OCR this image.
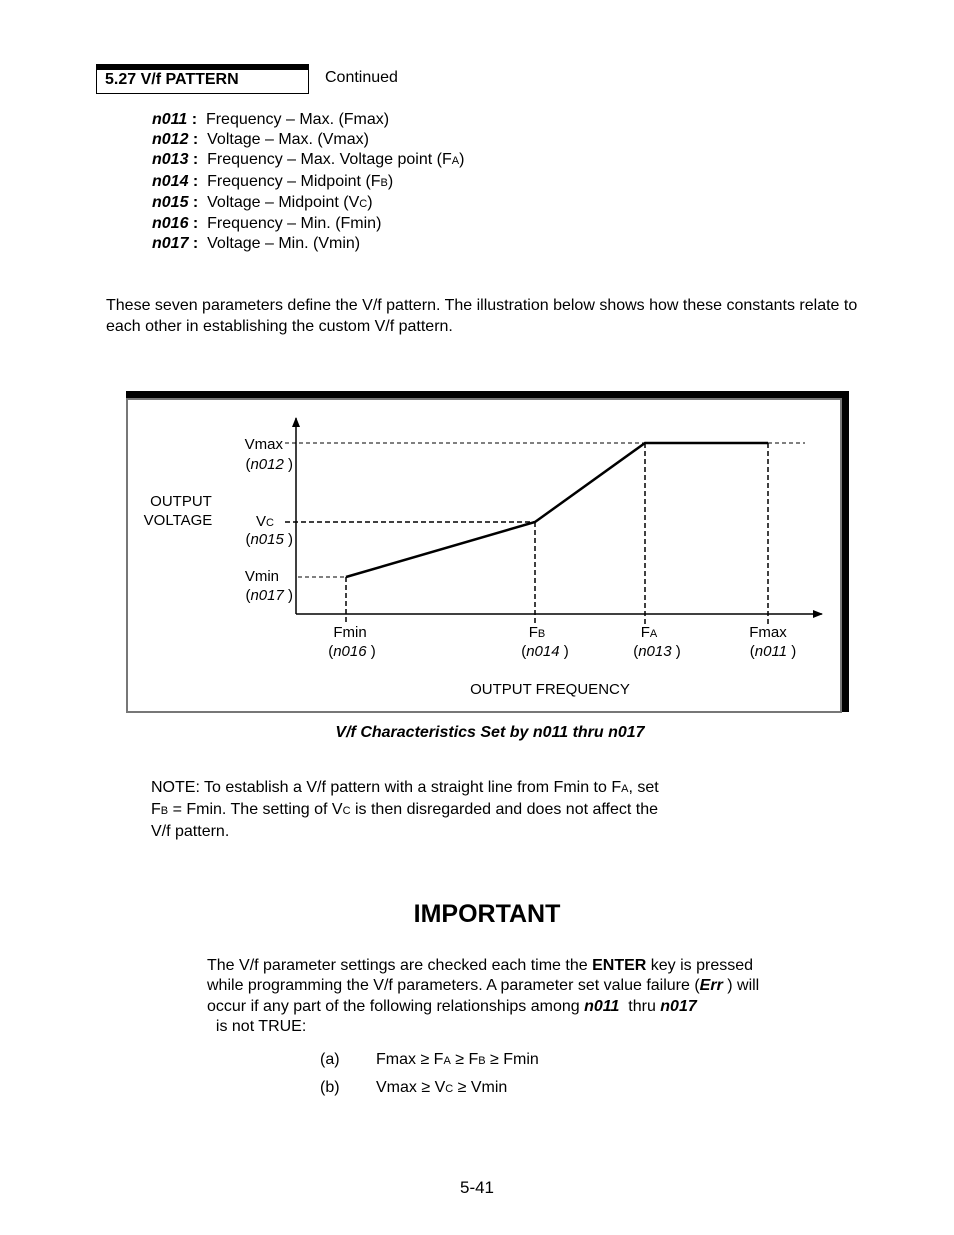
5.27 V/f PATTERN	Continued
n011 : Frequency – Max. (Fmax)
n012 : Voltage – Max. (Vmax)
n013 : Frequency – Max. Voltage point (FA)
n014 : Frequency – Midpoint (FB)
n015 : Voltage – Midpoint (VC)
n016 : Frequency – Min. (Fmin)
n017 : Voltage – Min. (Vmin)
These seven parameters define the V/f pattern. The illustration below shows how these constants relate to each other in establishing the custom V/f pattern.
OUTPUT
VOLTAGE
Vmax
(n012 )
VC
(n015 )
Vmin
(n017 )
Fmin
(n016 )
FB
(n014 )
FA
(n013 )
Fmax
(n011 )
OUTPUT FREQUENCY
V/f Characteristics Set by n011 thru n017
NOTE: To establish a V/f pattern with a straight line from Fmin to FA, set
FB = Fmin. The setting of VC is then disregarded and does not affect the
V/f pattern.
IMPORTANT
The V/f parameter settings are checked each time the ENTER key is pressed while programming the V/f parameters. A parameter set value failure (Err ) will occur if any part of the following relationships among n011  thru n017  is not TRUE:
(a) Fmax ≥ FA ≥ FB ≥ Fmin
(b) Vmax ≥ VC ≥ Vmin
5-41
